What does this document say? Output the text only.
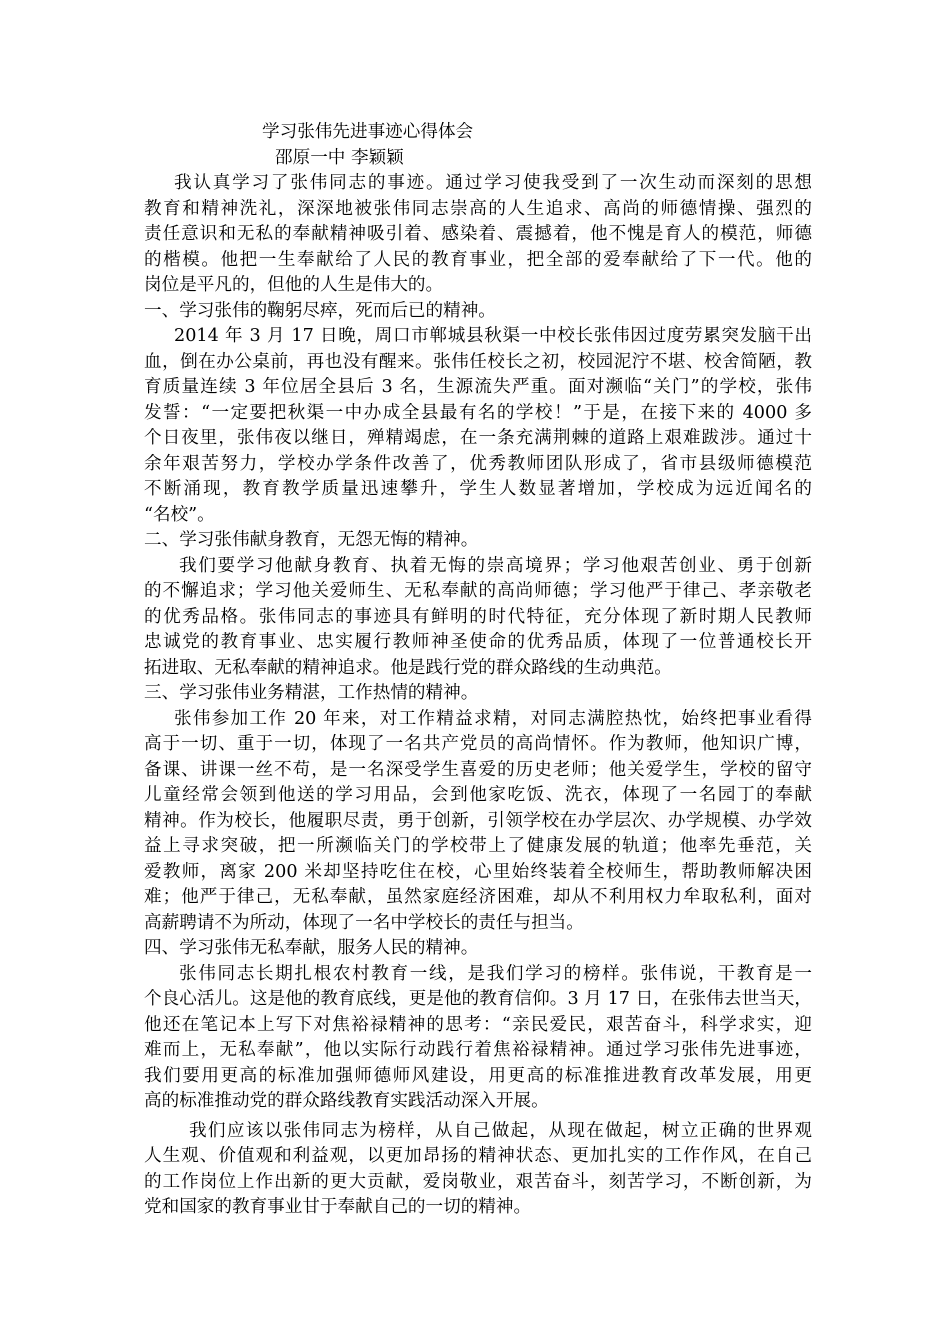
学习张伟先进事迹心得体会
邵原一中 李颖颖
我认真学习了张伟同志的事迹。通过学习使我受到了一次生动而深刻的思想
教育和精神洗礼，深深地被张伟同志崇高的人生追求、高尚的师德情操、强烈的
责任意识和无私的奉献精神吸引着、感染着、震撼着，他不愧是育人的模范，师德
的楷模。他把一生奉献给了人民的教育事业，把全部的爱奉献给了下一代。他的
岗位是平凡的，但他的人生是伟大的。
一、学习张伟的鞠躬尽瘁，死而后已的精神。
2014 年 3 月 17 日晚，周口市郸城县秋渠一中校长张伟因过度劳累突发脑干出
血，倒在办公桌前，再也没有醒来。张伟任校长之初，校园泥泞不堪、校舍简陋，教
育质量连续 3 年位居全县后 3 名，生源流失严重。面对濒临“关门”的学校，张伟
发誓：“一定要把秋渠一中办成全县最有名的学校！”于是，在接下来的 4000 多
个日夜里，张伟夜以继日，殚精竭虑，在一条充满荆棘的道路上艰难跋涉。通过十
余年艰苦努力，学校办学条件改善了，优秀教师团队形成了，省市县级师德模范
不断涌现，教育教学质量迅速攀升，学生人数显著增加，学校成为远近闻名的
“名校”。
二、学习张伟献身教育，无怨无悔的精神。
我们要学习他献身教育、执着无悔的崇高境界；学习他艰苦创业、勇于创新
的不懈追求；学习他关爱师生、无私奉献的高尚师德；学习他严于律己、孝亲敬老
的优秀品格。张伟同志的事迹具有鲜明的时代特征，充分体现了新时期人民教师
忠诚党的教育事业、忠实履行教师神圣使命的优秀品质，体现了一位普通校长开
拓进取、无私奉献的精神追求。他是践行党的群众路线的生动典范。
三、学习张伟业务精湛，工作热情的精神。
张伟参加工作 20 年来，对工作精益求精，对同志满腔热忱，始终把事业看得
高于一切、重于一切，体现了一名共产党员的高尚情怀。作为教师，他知识广博，
备课、讲课一丝不苟，是一名深受学生喜爱的历史老师；他关爱学生，学校的留守
儿童经常会领到他送的学习用品，会到他家吃饭、洗衣，体现了一名园丁的奉献
精神。作为校长，他履职尽责，勇于创新，引领学校在办学层次、办学规模、办学效
益上寻求突破，把一所濒临关门的学校带上了健康发展的轨道；他率先垂范，关
爱教师，离家 200 米却坚持吃住在校，心里始终装着全校师生，帮助教师解决困
难；他严于律己，无私奉献，虽然家庭经济困难，却从不利用权力牟取私利，面对
高薪聘请不为所动，体现了一名中学校长的责任与担当。
四、学习张伟无私奉献，服务人民的精神。
张伟同志长期扎根农村教育一线，是我们学习的榜样。张伟说，干教育是一
个良心活儿。这是他的教育底线，更是他的教育信仰。3 月 17 日，在张伟去世当天，
他还在笔记本上写下对焦裕禄精神的思考：“亲民爱民，艰苦奋斗，科学求实，迎
难而上，无私奉献”，他以实际行动践行着焦裕禄精神。通过学习张伟先进事迹，
我们要用更高的标准加强师德师风建设，用更高的标准推进教育改革发展，用更
高的标准推动党的群众路线教育实践活动深入开展。
我们应该以张伟同志为榜样，从自己做起，从现在做起，树立正确的世界观
人生观、价值观和利益观，以更加昂扬的精神状态、更加扎实的工作作风，在自己
的工作岗位上作出新的更大贡献，爱岗敬业，艰苦奋斗，刻苦学习，不断创新，为
党和国家的教育事业甘于奉献自己的一切的精神。
